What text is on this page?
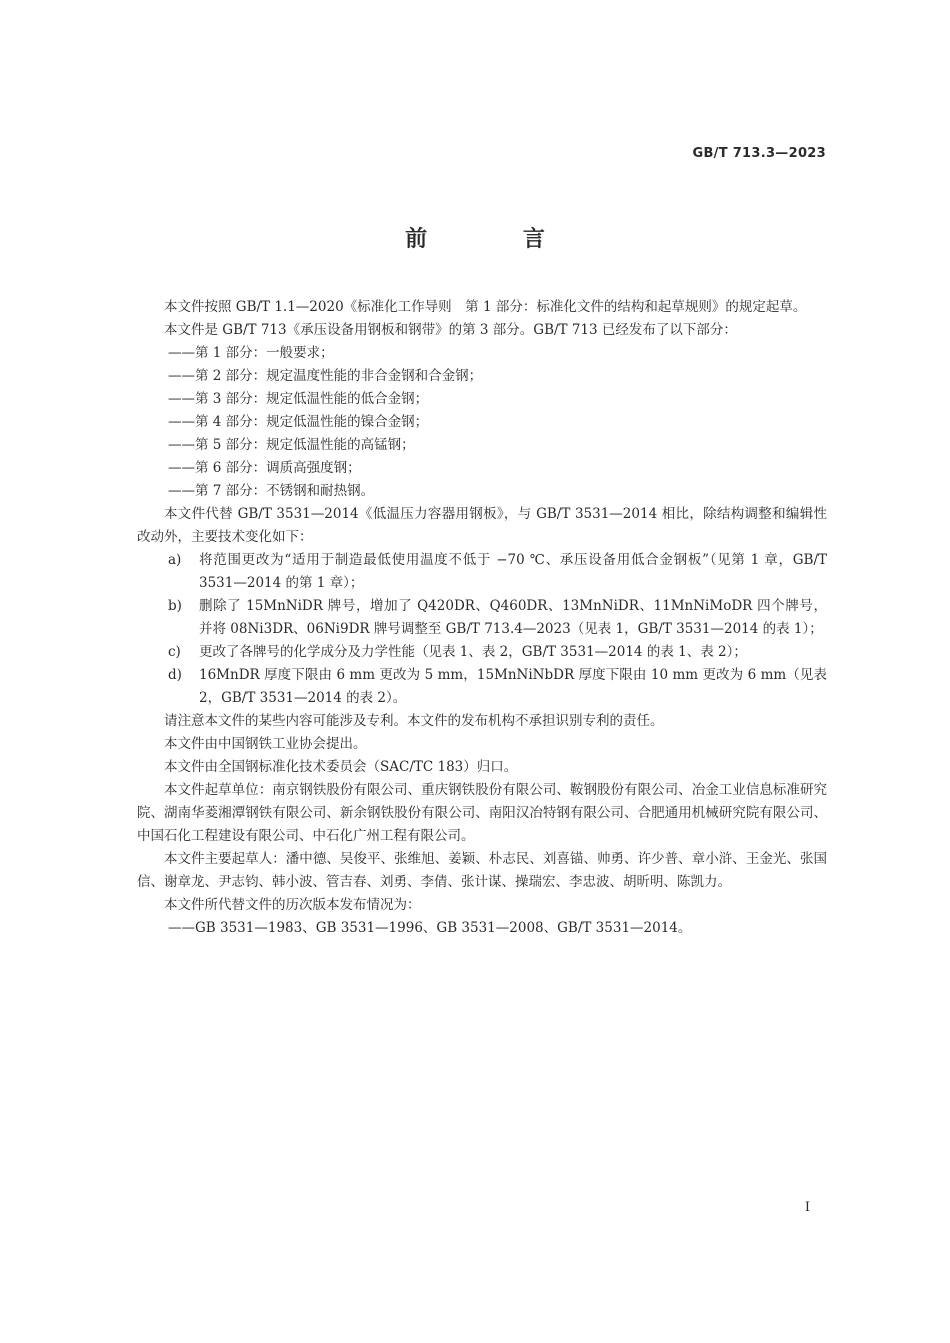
GB/T 713.3—2023
前 言

本文件按照 GB/T 1.1—2020《标准化工作导则　第 1 部分：标准化文件的结构和起草规则》的规定起草。

本文件是 GB/T 713《承压设备用钢板和钢带》的第 3 部分。GB/T 713 已经发布了以下部分：

——第 1 部分：一般要求；

——第 2 部分：规定温度性能的非合金钢和合金钢；

——第 3 部分：规定低温性能的低合金钢；

——第 4 部分：规定低温性能的镍合金钢；

——第 5 部分：规定低温性能的高锰钢；

——第 6 部分：调质高强度钢；

——第 7 部分：不锈钢和耐热钢。

本文件代替 GB/T 3531—2014《低温压力容器用钢板》，与 GB/T 3531—2014 相比，除结构调整和编辑性改动外，主要技术变化如下：

a) 将范围更改为“适用于制造最低使用温度不低于 −70 ℃、承压设备用低合金钢板”（见第 1 章，GB/T 3531—2014 的第 1 章）；

b) 删除了 15MnNiDR 牌号，增加了 Q420DR、Q460DR、13MnNiDR、11MnNiMoDR 四个牌号，并将 08Ni3DR、06Ni9DR 牌号调整至 GB/T 713.4—2023（见表 1，GB/T 3531—2014 的表 1）；

c) 更改了各牌号的化学成分及力学性能（见表 1、表 2，GB/T 3531—2014 的表 1、表 2）；

d) 16MnDR 厚度下限由 6 mm 更改为 5 mm，15MnNiNbDR 厚度下限由 10 mm 更改为 6 mm（见表 2，GB/T 3531—2014 的表 2）。

请注意本文件的某些内容可能涉及专利。本文件的发布机构不承担识别专利的责任。

本文件由中国钢铁工业协会提出。

本文件由全国钢标准化技术委员会（SAC/TC 183）归口。

本文件起草单位：南京钢铁股份有限公司、重庆钢铁股份有限公司、鞍钢股份有限公司、冶金工业信息标准研究院、湖南华菱湘潭钢铁有限公司、新余钢铁股份有限公司、南阳汉冶特钢有限公司、合肥通用机械研究院有限公司、中国石化工程建设有限公司、中石化广州工程有限公司。

本文件主要起草人：潘中德、吴俊平、张维旭、姜颖、朴志民、刘喜锚、帅勇、许少普、章小浒、王金光、张国信、谢章龙、尹志钧、韩小波、管吉春、刘勇、李倩、张计谋、操瑞宏、李忠波、胡昕明、陈凯力。

本文件所代替文件的历次版本发布情况为：

——GB 3531—1983、GB 3531—1996、GB 3531—2008、GB/T 3531—2014。

I
